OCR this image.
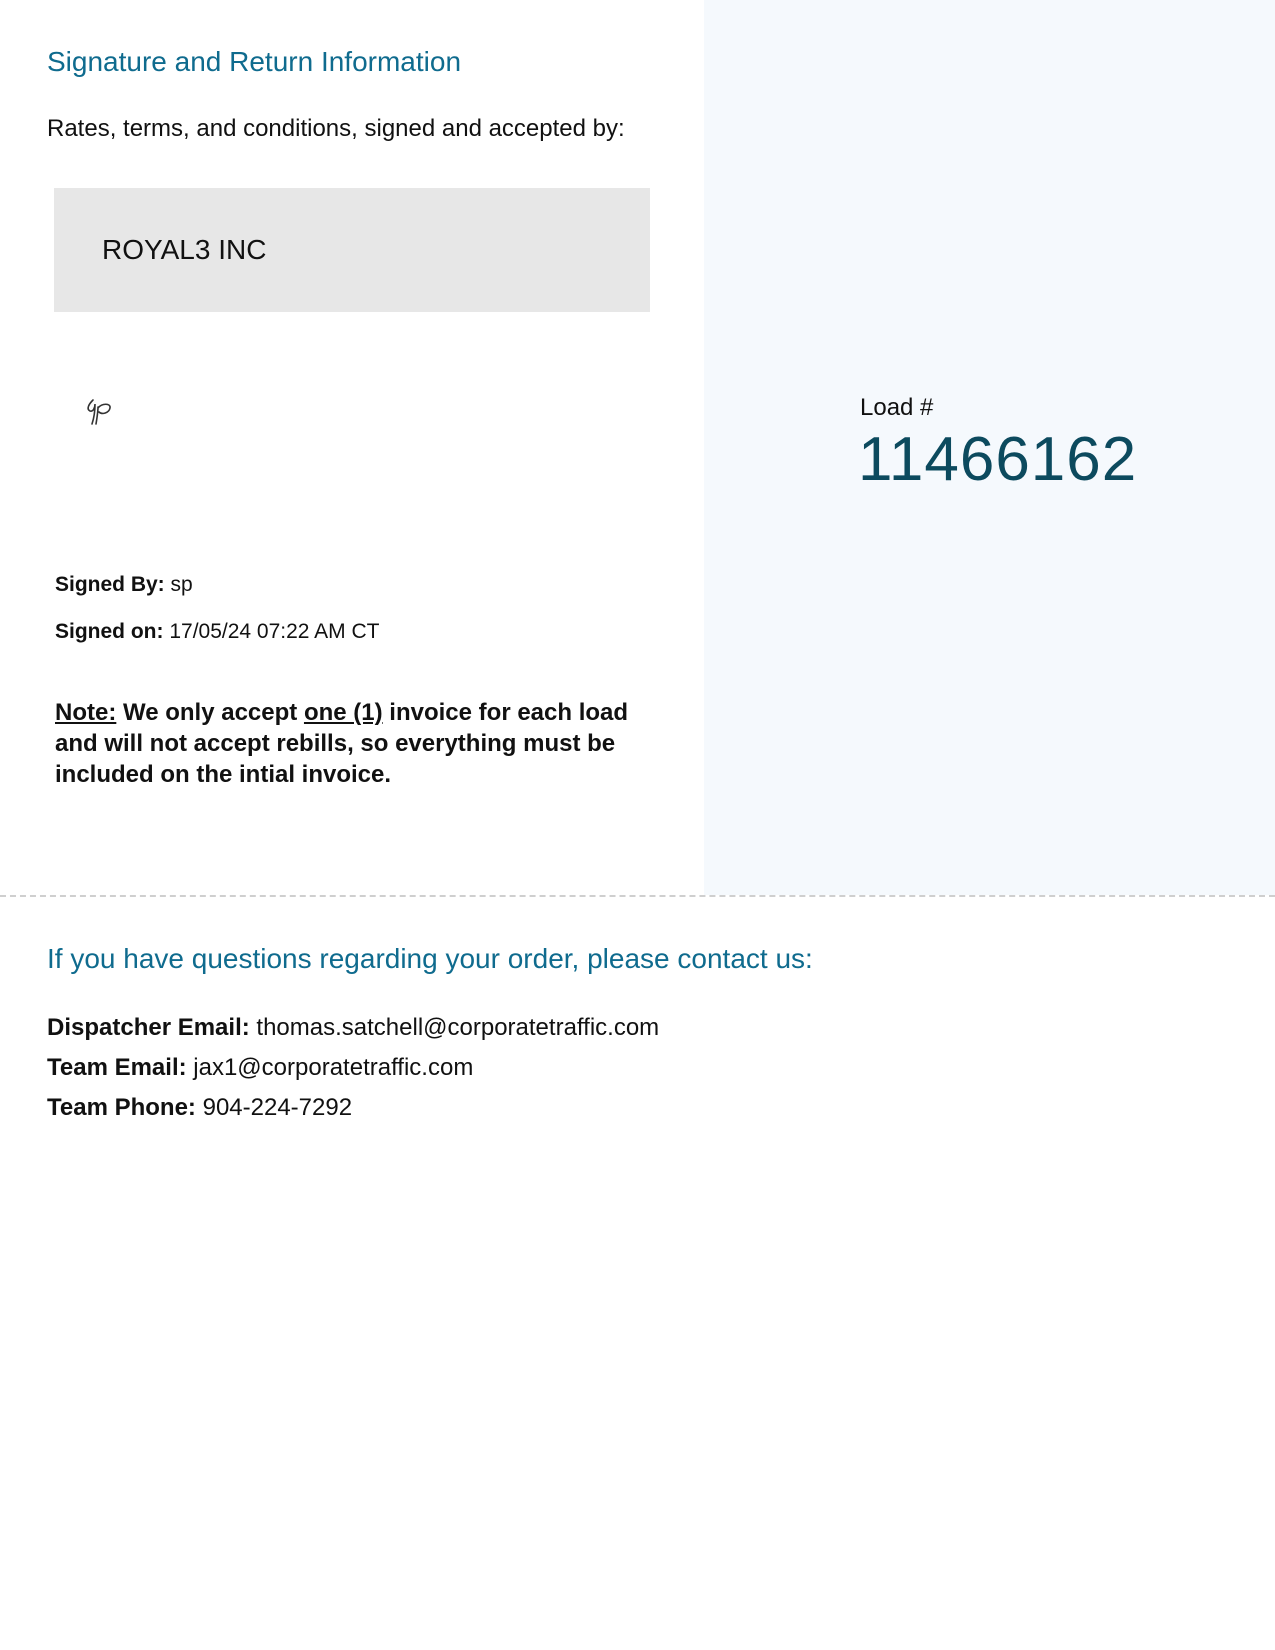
Signature and Return Information
Rates, terms, and conditions, signed and accepted by:
ROYAL3 INC
Signed By: sp
Signed on: 17/05/24 07:22 AM CT
Note: We only accept one (1) invoice for each load and will not accept rebills, so everything must be included on the intial invoice.
Load #
11466162
If you have questions regarding your order, please contact us:
Dispatcher Email: thomas.satchell@corporatetraffic.com
Team Email: jax1@corporatetraffic.com
Team Phone: 904-224-7292
